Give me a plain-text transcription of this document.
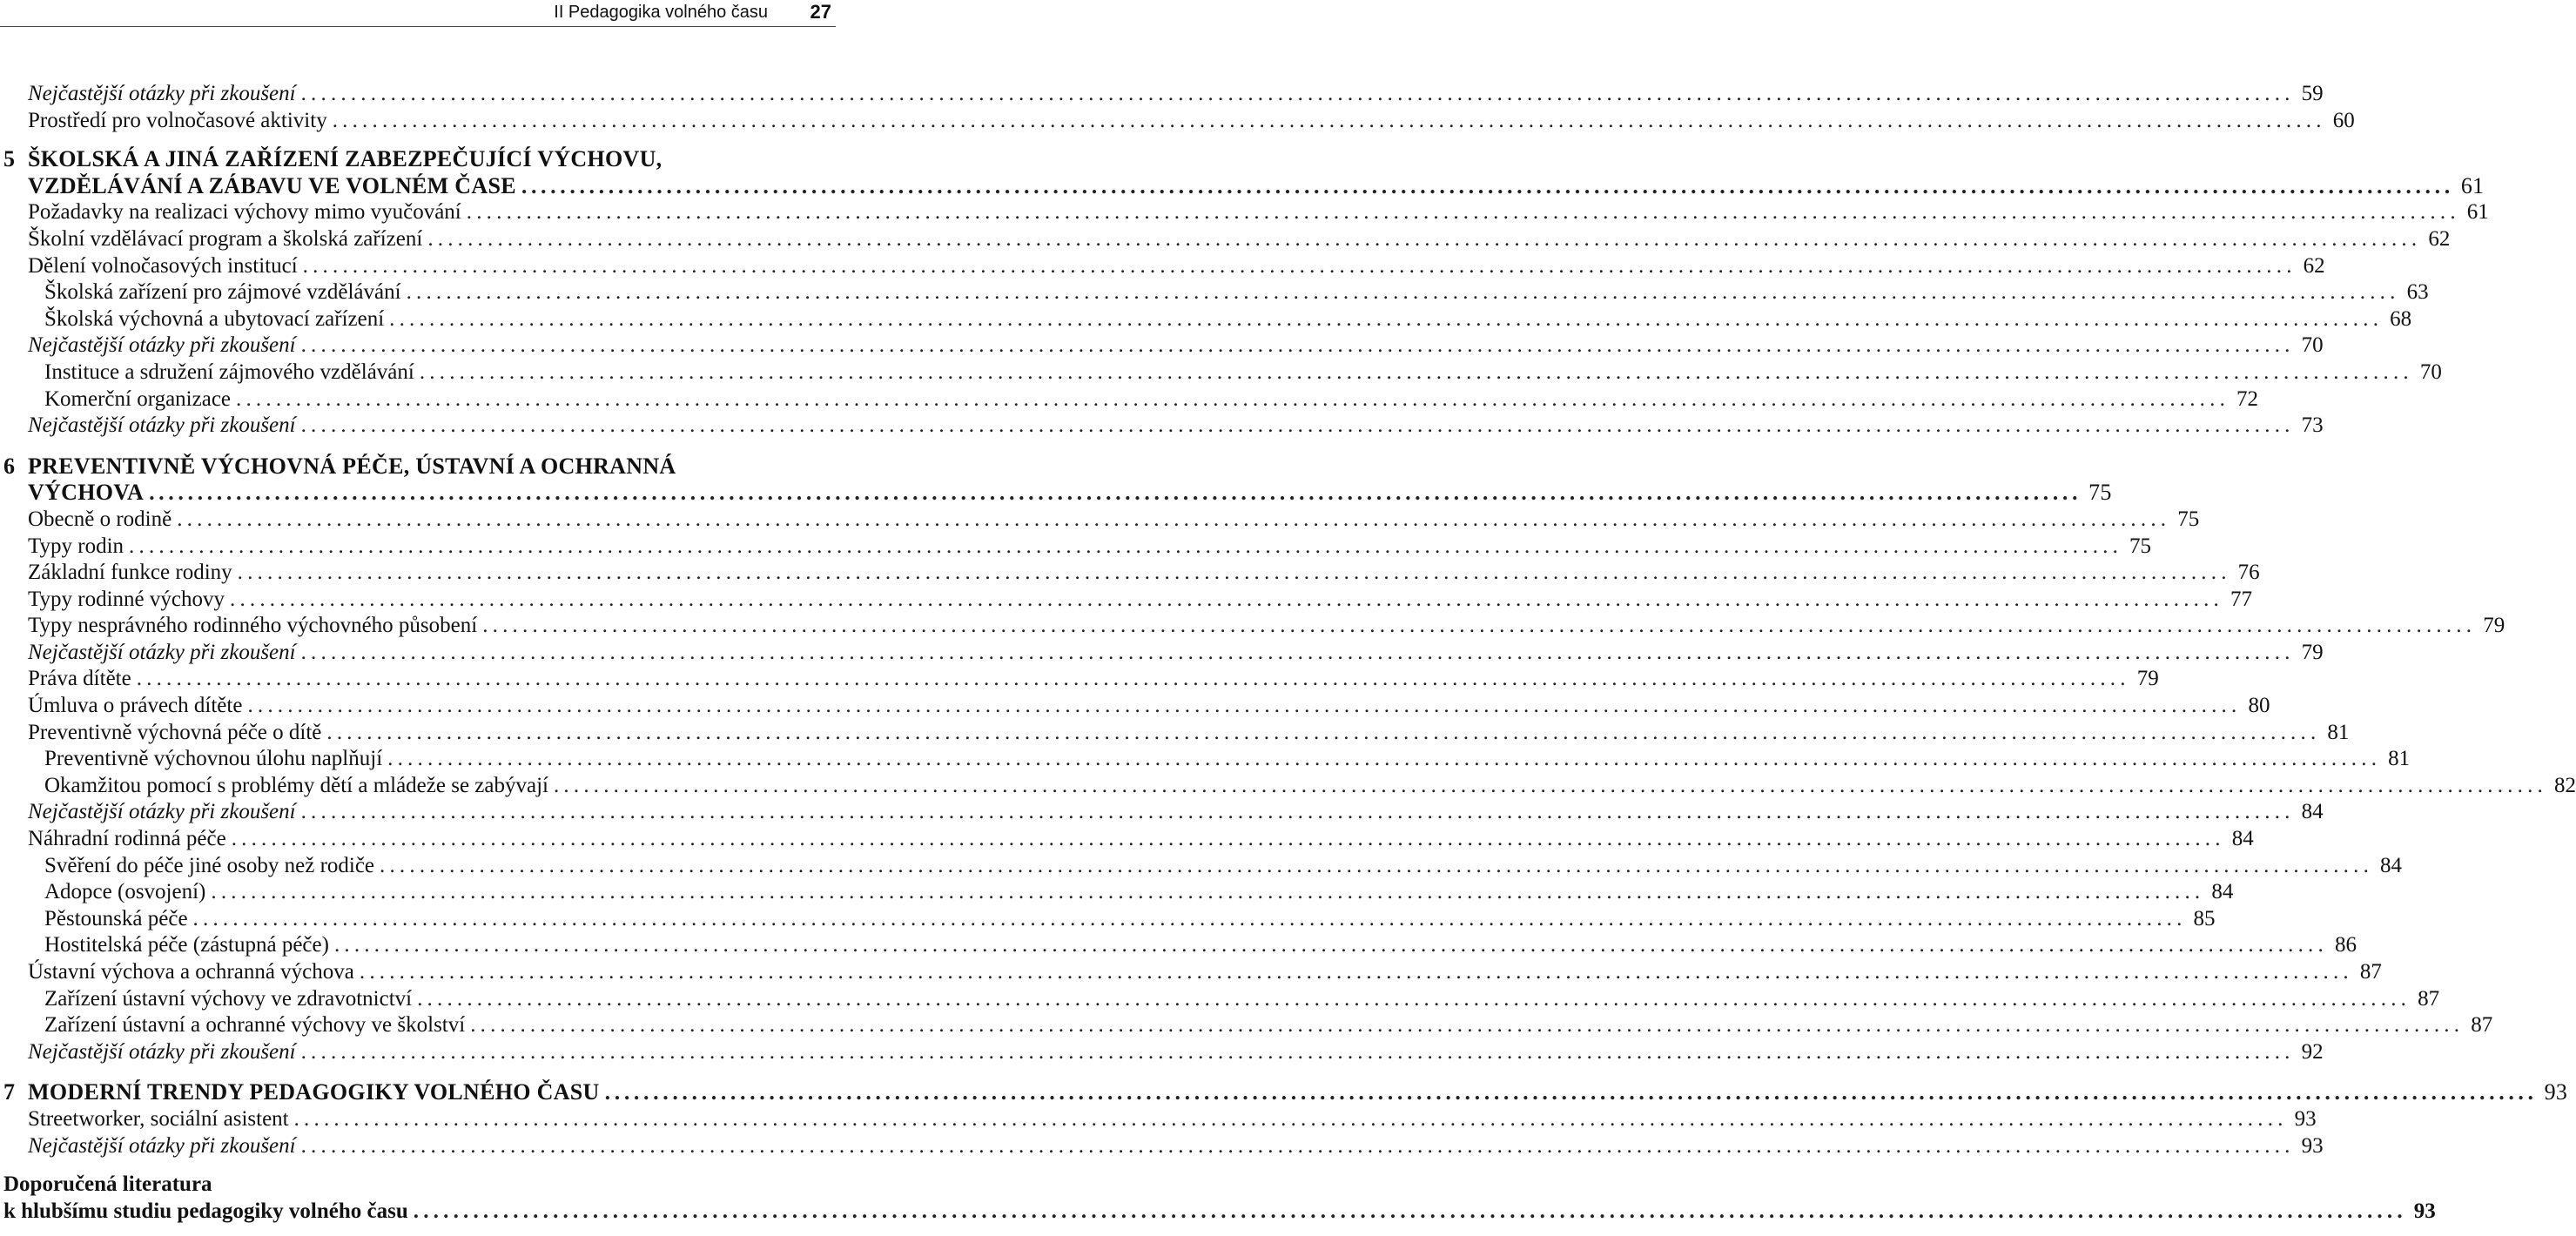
II Pedagogika volného času 27
Nejčastější otázky při zkoušení ........................................................................................................................................................................................................ 59
Prostředí pro volnočasové aktivity ........................................................................................................................................................................................................ 60
5 ŠKOLSKÁ A JINÁ ZAŘÍZENÍ ZABEZPEČUJÍCÍ VÝCHOVU,
VZDĚLÁVÁNÍ A ZÁBAVU VE VOLNÉM ČASE ........................................................................................................................................................................................................ 61
Požadavky na realizaci výchovy mimo vyučování ........................................................................................................................................................................................................ 61
Školní vzdělávací program a školská zařízení ........................................................................................................................................................................................................ 62
Dělení volnočasových institucí ........................................................................................................................................................................................................ 62
Školská zařízení pro zájmové vzdělávání ........................................................................................................................................................................................................ 63
Školská výchovná a ubytovací zařízení ........................................................................................................................................................................................................ 68
Nejčastější otázky při zkoušení ........................................................................................................................................................................................................ 70
Instituce a sdružení zájmového vzdělávání ........................................................................................................................................................................................................ 70
Komerční organizace ........................................................................................................................................................................................................ 72
Nejčastější otázky při zkoušení ........................................................................................................................................................................................................ 73
6 PREVENTIVNĚ VÝCHOVNÁ PÉČE, ÚSTAVNÍ A OCHRANNÁ
VÝCHOVA ........................................................................................................................................................................................................ 75
Obecně o rodině ........................................................................................................................................................................................................ 75
Typy rodin ........................................................................................................................................................................................................ 75
Základní funkce rodiny ........................................................................................................................................................................................................ 76
Typy rodinné výchovy ........................................................................................................................................................................................................ 77
Typy nesprávného rodinného výchovného působení ........................................................................................................................................................................................................ 79
Nejčastější otázky při zkoušení ........................................................................................................................................................................................................ 79
Práva dítěte ........................................................................................................................................................................................................ 79
Úmluva o právech dítěte ........................................................................................................................................................................................................ 80
Preventivně výchovná péče o dítě ........................................................................................................................................................................................................ 81
Preventivně výchovnou úlohu naplňují ........................................................................................................................................................................................................ 81
Okamžitou pomocí s problémy dětí a mládeže se zabývají ........................................................................................................................................................................................................ 82
Nejčastější otázky při zkoušení ........................................................................................................................................................................................................ 84
Náhradní rodinná péče ........................................................................................................................................................................................................ 84
Svěření do péče jiné osoby než rodiče ........................................................................................................................................................................................................ 84
Adopce (osvojení) ........................................................................................................................................................................................................ 84
Pěstounská péče ........................................................................................................................................................................................................ 85
Hostitelská péče (zástupná péče) ........................................................................................................................................................................................................ 86
Ústavní výchova a ochranná výchova ........................................................................................................................................................................................................ 87
Zařízení ústavní výchovy ve zdravotnictví ........................................................................................................................................................................................................ 87
Zařízení ústavní a ochranné výchovy ve školství ........................................................................................................................................................................................................ 87
Nejčastější otázky při zkoušení ........................................................................................................................................................................................................ 92
7 MODERNÍ TRENDY PEDAGOGIKY VOLNÉHO ČASU ........................................................................................................................................................................................................ 93
Streetworker, sociální asistent ........................................................................................................................................................................................................ 93
Nejčastější otázky při zkoušení ........................................................................................................................................................................................................ 93
Doporučená literatura
k hlubšímu studiu pedagogiky volného času ........................................................................................................................................................................................................ 93
